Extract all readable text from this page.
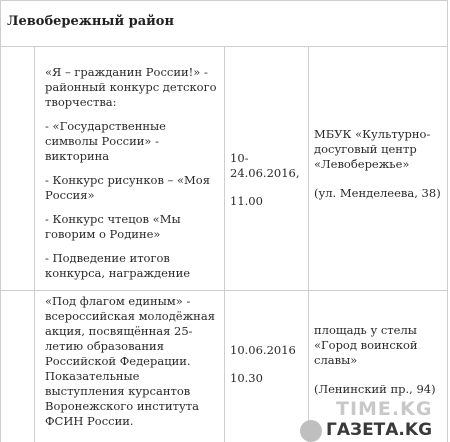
Левобережный район

«Я – гражданин России!» - районный конкурс детского творчества:

- «Государственные символы России» - викторина

- Конкурс рисунков – «Моя Россия»

- Конкурс чтецов «Мы говорим о Родине»

- Подведение итогов конкурса, награждение

10-24.06.2016,
11.00
МБУК «Культурно-досуговый центр «Левобережье»
(ул. Менделеева, 38)

«Под флагом единым» - всероссийская молодёжная акция, посвящённая 25-летию образования Российской Федерации. Показательные выступления курсантов Воронежского института ФСИН России.

10.06.2016
10.30
площадь у стелы «Город воинской славы»
(Ленинский пр., 94)
TIME.KG
ГАЗЕТА.KG
